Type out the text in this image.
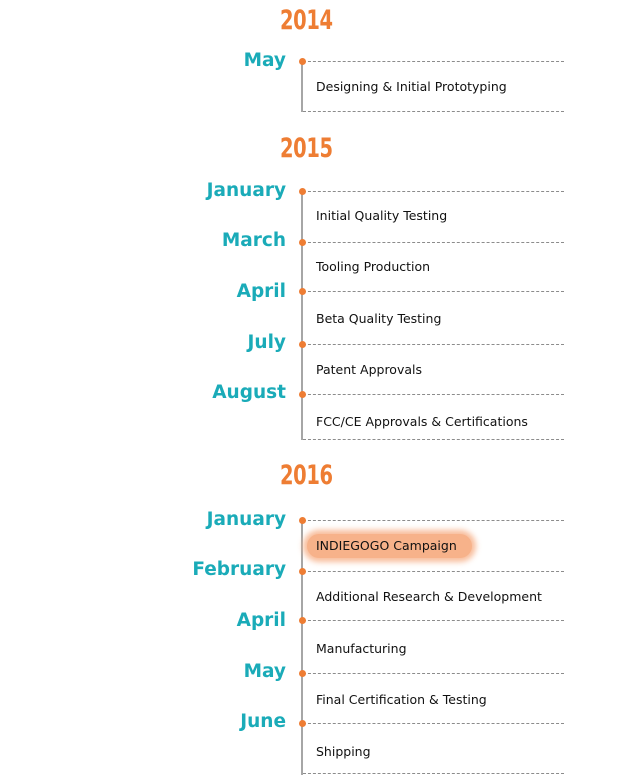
2014
May
Designing & Initial Prototyping
2015
January
March
April
July
August
Initial Quality Testing
Tooling Production
Beta Quality Testing
Patent Approvals
FCC/CE Approvals & Certifications
2016
January
February
April
May
June
INDIEGOGO Campaign
Additional Research & Development
Manufacturing
Final Certification & Testing
Shipping
